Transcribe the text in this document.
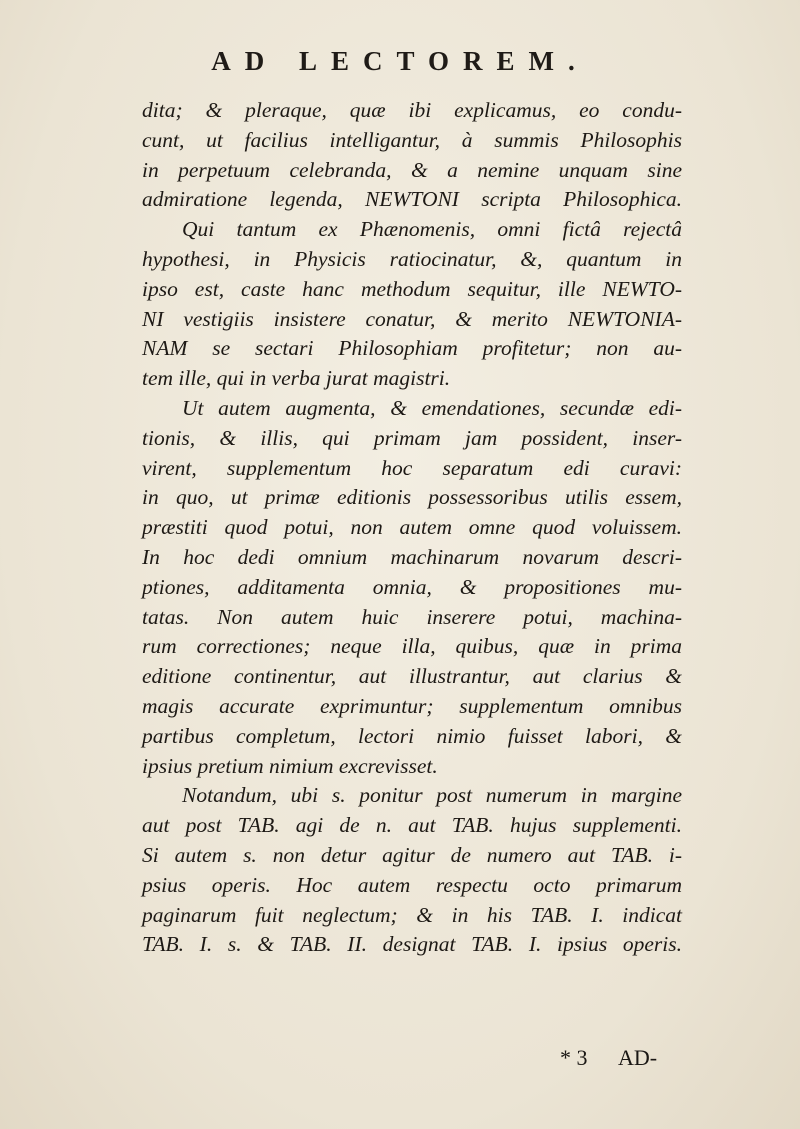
AD LECTOREM.
dita; & pleraque, quæ ibi explicamus, eo condu-
cunt, ut facilius intelligantur, à summis Philosophis
in perpetuum celebranda, & a nemine unquam sine
admiratione legenda, NEWTONI scripta Philosophica.
Qui tantum ex Phænomenis, omni fictâ rejectâ
hypothesi, in Physicis ratiocinatur, &, quantum in
ipso est, caste hanc methodum sequitur, ille NEWTO-
NI vestigiis insistere conatur, & merito NEWTONIA-
NAM se sectari Philosophiam profitetur; non au-
tem ille, qui in verba jurat magistri.
Ut autem augmenta, & emendationes, secundæ edi-
tionis, & illis, qui primam jam possident, inser-
virent, supplementum hoc separatum edi curavi:
in quo, ut primæ editionis possessoribus utilis essem,
præstiti quod potui, non autem omne quod voluissem.
In hoc dedi omnium machinarum novarum descri-
ptiones, additamenta omnia, & propositiones mu-
tatas. Non autem huic inserere potui, machina-
rum correctiones; neque illa, quibus, quæ in prima
editione continentur, aut illustrantur, aut clarius &
magis accurate exprimuntur; supplementum omnibus
partibus completum, lectori nimio fuisset labori, &
ipsius pretium nimium excrevisset.
Notandum, ubi s. ponitur post numerum in margine
aut post TAB. agi de n. aut TAB. hujus supplementi.
Si autem s. non detur agitur de numero aut TAB. i-
psius operis. Hoc autem respectu octo primarum
paginarum fuit neglectum; & in his TAB. I. indicat
TAB. I. s. & TAB. II. designat TAB. I. ipsius operis.
* 3 AD-
